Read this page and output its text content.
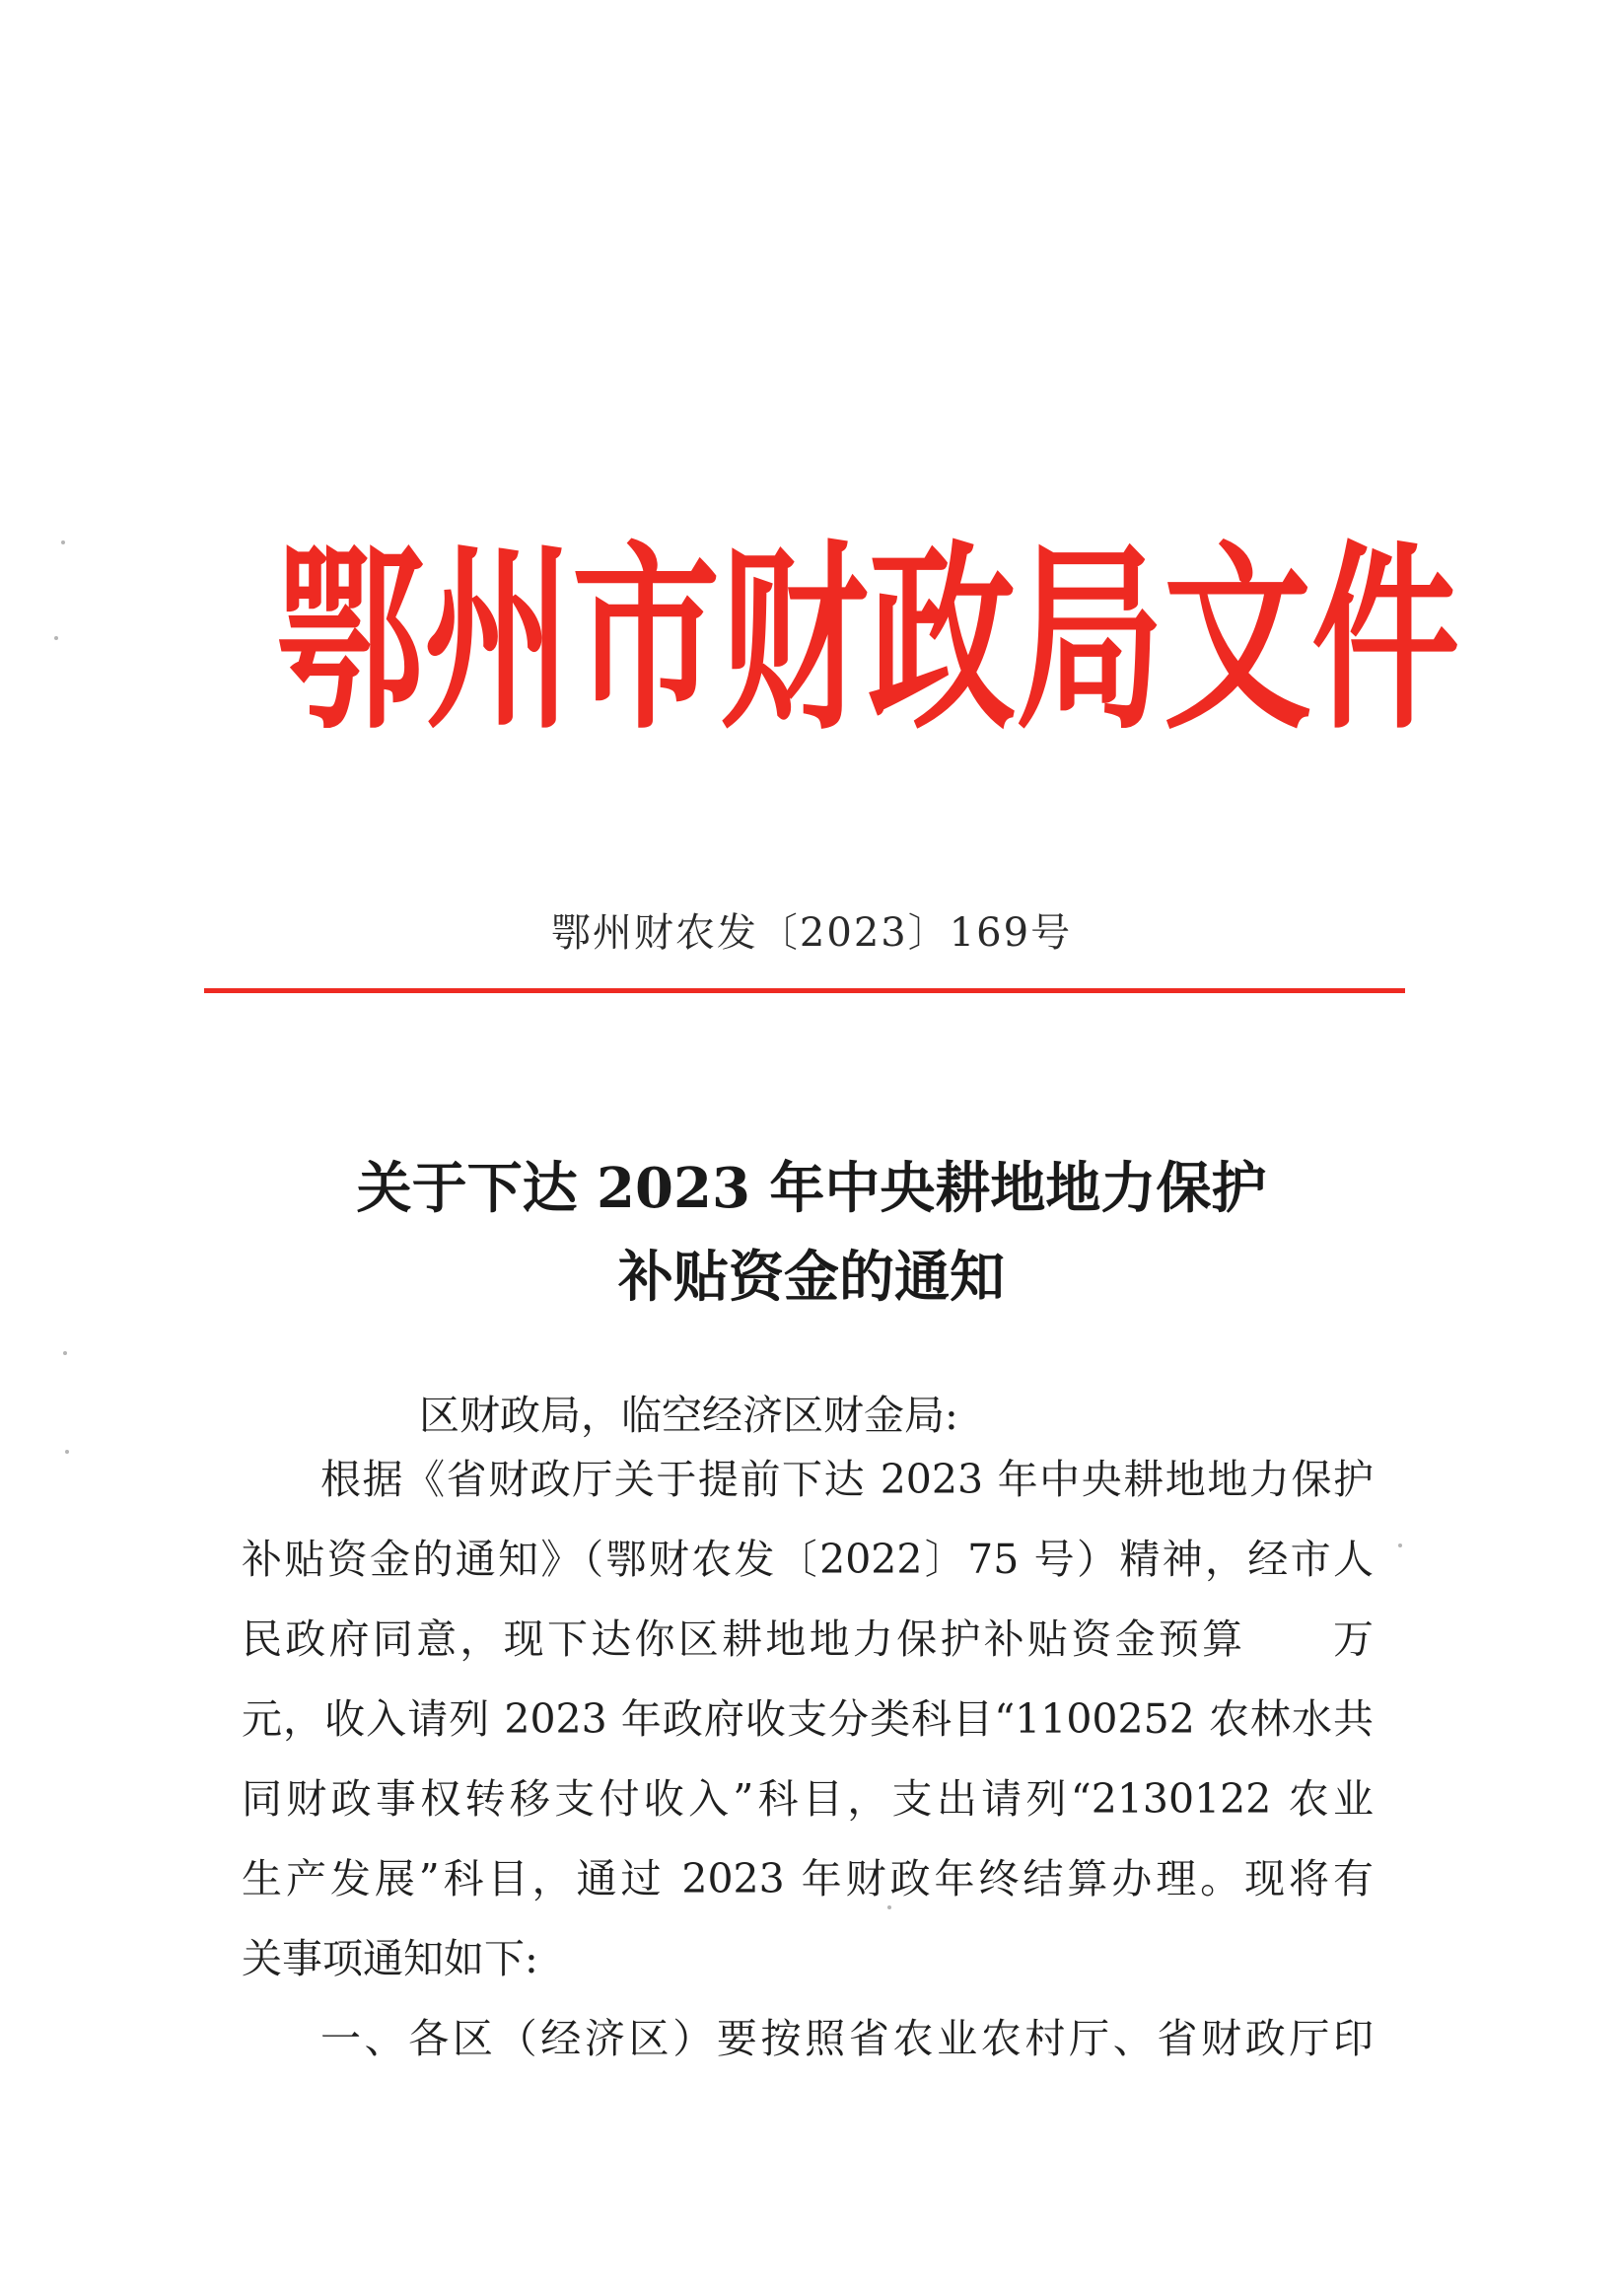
鄂 州 市 财 政 局 文 件
鄂州财农发〔2023〕169号
关于下达 2023 年中央耕地地力保护
补贴资金的通知
区财政局，临空经济区财金局:
根据《省财政厅关于提前下达 2023 年中央耕地地力保护
补贴资金的通知》（鄂财农发〔2022〕75 号）精神，经市人
民政府同意，现下达你区耕地地力保护补贴资金预算　　万
元，收入请列 2023 年政府收支分类科目“1100252 农林水共
同财政事权转移支付收入”科目，支出请列“2130122 农业
生产发展”科目，通过 2023 年财政年终结算办理。现将有
关事项通知如下:
一、各区（经济区）要按照省农业农村厅、省财政厅印
